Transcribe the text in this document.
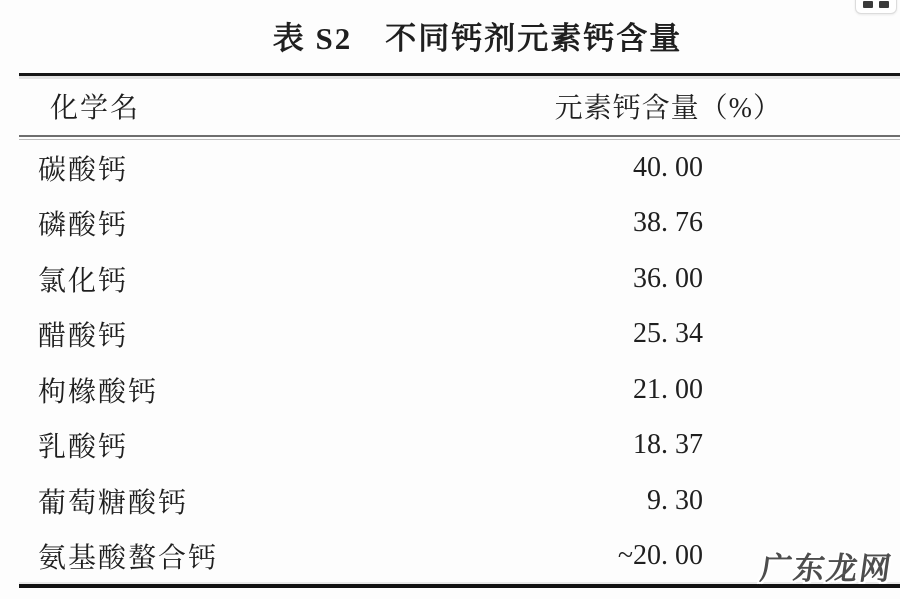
表 S2　不同钙剂元素钙含量
化学名	元素钙含量（%）
碳酸钙	40. 00
磷酸钙	38. 76
氯化钙	36. 00
醋酸钙	25. 34
枸橼酸钙	21. 00
乳酸钙	18. 37
葡萄糖酸钙	9. 30
氨基酸螯合钙	~20. 00 广东龙网
